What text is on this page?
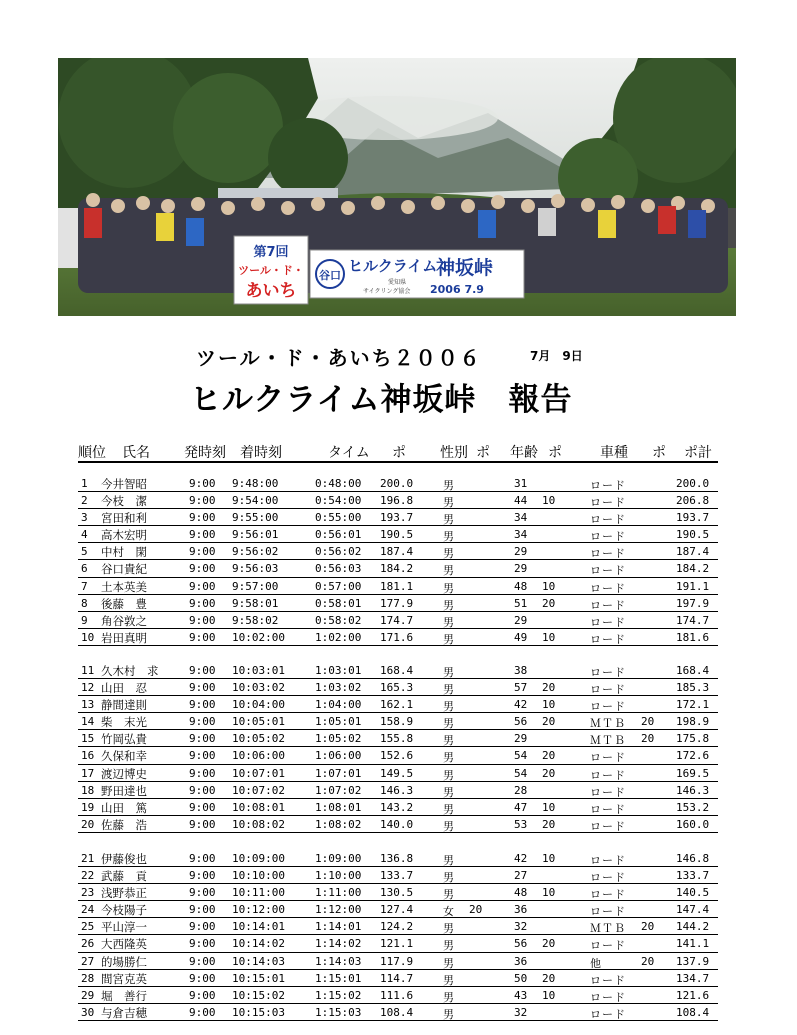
第7回
ツール・ド・
あいち
谷口
ヒルクライム
愛知県
サイクリング協会
神坂峠
2006 7.9
ツール・ド・あいち２００６	7月　9日
ヒルクライム神坂峠　報告
順位 氏名 発時刻 着時刻	タイム ポ 性別 ポ 年齢 ポ	車種 ポ ポ計
1 今井智昭	9:00 9:48:00	0:48:00 200.0	男	31	ロード	200.0
2 今枝　潔	9:00 9:54:00	0:54:00 196.8	男	44 10	ロード	206.8
3 宮田和利	9:00 9:55:00	0:55:00 193.7	男	34	ロード	193.7
4 高木宏明	9:00 9:56:01	0:56:01 190.5	男	34	ロード	190.5
5 中村　閑	9:00 9:56:02	0:56:02 187.4	男	29	ロード	187.4
6 谷口貴紀	9:00 9:56:03	0:56:03 184.2	男	29	ロード	184.2
7 土本英美	9:00 9:57:00	0:57:00 181.1	男	48 10	ロード	191.1
8 後藤　豊	9:00 9:58:01	0:58:01 177.9	男	51 20	ロード	197.9
9 角谷敦之	9:00 9:58:02	0:58:02 174.7	男	29	ロード	174.7
10 岩田真明	9:00 10:02:00	1:02:00 171.6	男	49 10	ロード	181.6
11 久木村　求	9:00 10:03:01	1:03:01 168.4	男	38	ロード	168.4
12 山田　忍	9:00 10:03:02	1:03:02 165.3	男	57 20	ロード	185.3
13 静間達則	9:00 10:04:00	1:04:00 162.1	男	42 10	ロード	172.1
14 柴　末光	9:00 10:05:01	1:05:01 158.9	男	56 20	ＭＴＢ 20 198.9
15 竹岡弘貴	9:00 10:05:02	1:05:02 155.8	男	29	ＭＴＢ 20 175.8
16 久保和幸	9:00 10:06:00	1:06:00 152.6	男	54 20	ロード	172.6
17 渡辺博史	9:00 10:07:01	1:07:01 149.5	男	54 20	ロード	169.5
18 野田達也	9:00 10:07:02	1:07:02 146.3	男	28	ロード	146.3
19 山田　篤	9:00 10:08:01	1:08:01 143.2	男	47 10	ロード	153.2
20 佐藤　浩	9:00 10:08:02	1:08:02 140.0	男	53 20	ロード	160.0
21 伊藤俊也	9:00 10:09:00	1:09:00 136.8	男	42 10	ロード	146.8
22 武藤　貢	9:00 10:10:00	1:10:00 133.7	男	27	ロード	133.7
23 浅野恭正	9:00 10:11:00	1:11:00 130.5	男	48 10	ロード	140.5
24 今枝陽子	9:00 10:12:00	1:12:00 127.4	女 20	36	ロード	147.4
25 平山淳一	9:00 10:14:01	1:14:01 124.2	男	32	ＭＴＢ 20 144.2
26 大西隆英	9:00 10:14:02	1:14:02 121.1	男	56 20	ロード	141.1
27 的場勝仁	9:00 10:14:03	1:14:03 117.9	男	36	他	20 137.9
28 間宮克英	9:00 10:15:01	1:15:01 114.7	男	50 20	ロード	134.7
29 堀　善行	9:00 10:15:02	1:15:02 111.6	男	43 10	ロード	121.6
30 与倉吉穂	9:00 10:15:03	1:15:03 108.4	男	32	ロード	108.4
